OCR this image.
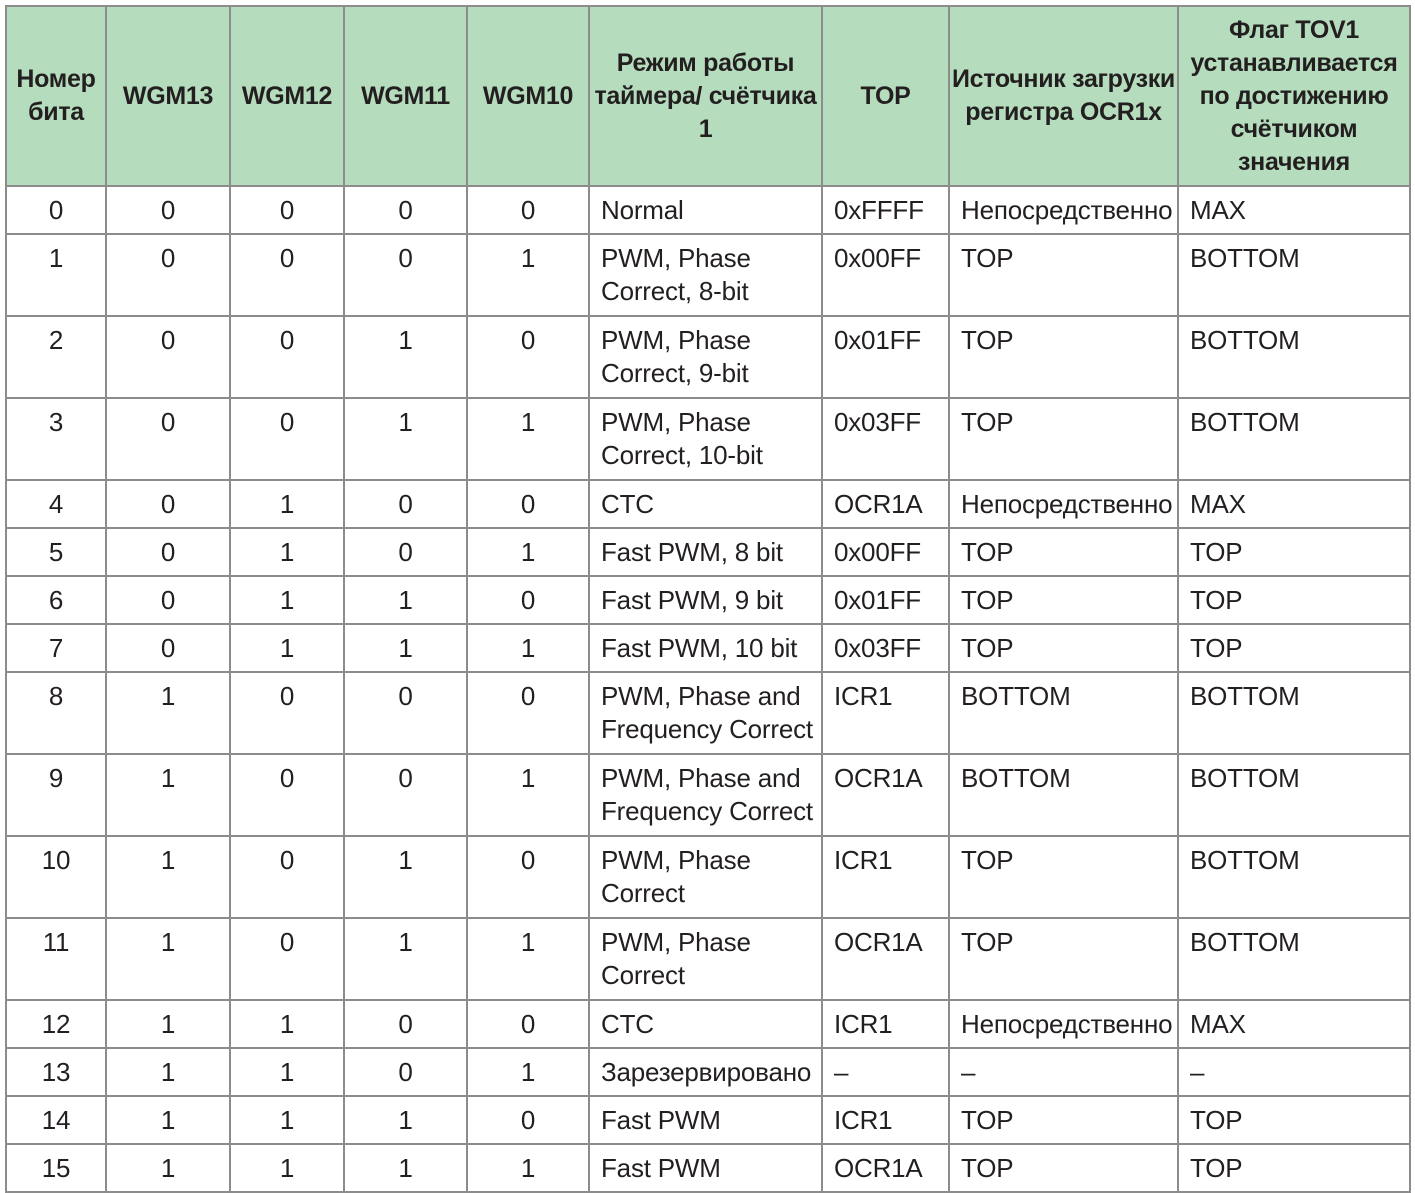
Номер бита	WGM13	WGM12	WGM11	WGM10	Режим работы таймера/ счётчика 1	TOP	Источник загрузки регистра OCR1x	Флаг TOV1 устанавливается по достижению счётчиком значения
0	0	0	0	0	Normal	0xFFFF	Непосредственно	MAX
1	0	0	0	1	PWM, Phase Correct, 8-bit	0x00FF	TOP	BOTTOM
2	0	0	1	0	PWM, Phase Correct, 9-bit	0x01FF	TOP	BOTTOM
3	0	0	1	1	PWM, Phase Correct, 10-bit	0x03FF	TOP	BOTTOM
4	0	1	0	0	CTC	OCR1A	Непосредственно	MAX
5	0	1	0	1	Fast PWM, 8 bit	0x00FF	TOP	TOP
6	0	1	1	0	Fast PWM, 9 bit	0x01FF	TOP	TOP
7	0	1	1	1	Fast PWM, 10 bit	0x03FF	TOP	TOP
8	1	0	0	0	PWM, Phase and Frequency Correct	ICR1	BOTTOM	BOTTOM
9	1	0	0	1	PWM, Phase and Frequency Correct	OCR1A	BOTTOM	BOTTOM
10	1	0	1	0	PWM, Phase Correct	ICR1	TOP	BOTTOM
11	1	0	1	1	PWM, Phase Correct	OCR1A	TOP	BOTTOM
12	1	1	0	0	CTC	ICR1	Непосредственно	MAX
13	1	1	0	1	Зарезервировано	–	–	–
14	1	1	1	0	Fast PWM	ICR1	TOP	TOP
15	1	1	1	1	Fast PWM	OCR1A	TOP	TOP
